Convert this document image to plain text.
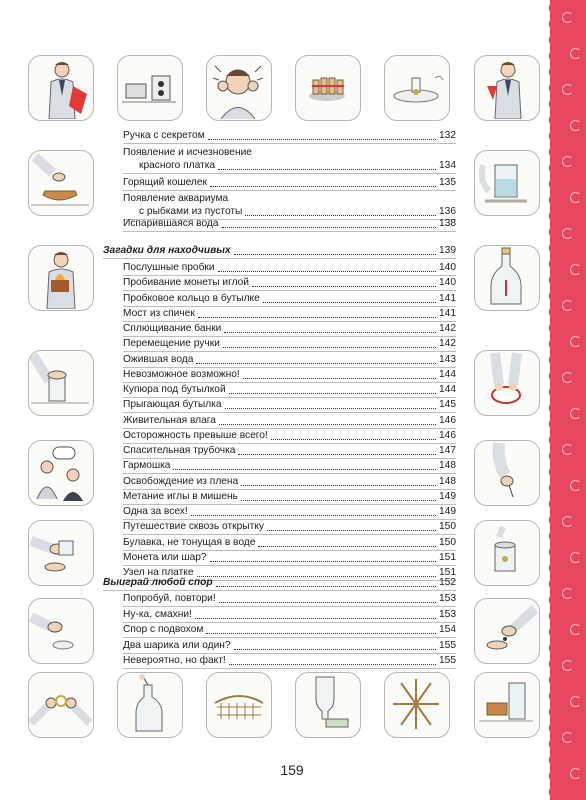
Ручка с секретом	132
Появление и исчезновение
красного платка	134
Горящий кошелек	135
Появление аквариума
с рыбками из пустоты	136
Испарившаяся вода	138
Загадки для находчивых	139
Послушные пробки	140
Пробивание монеты иглой	140
Пробковое кольцо в бутылке	141
Мост из спичек	141
Сплющивание банки	142
Перемещение ручки	142
Ожившая вода	143
Невозможное возможно!	144
Купюра под бутылкой	144
Прыгающая бутылка	145
Живительная влага	146
Осторожность превыше всего!	146
Спасительная трубочка	147
Гармошка	148
Освобождение из плена	148
Метание иглы в мишень	149
Одна за всех!	149
Путешествие сквозь открытку	150
Булавка, не тонущая в воде	150
Монета или шар?	151
Узел на платке	151
Выиграй любой спор	152
Попробуй, повтори!	153
Ну-ка, смахни!	153
Спор с подвохом	154
Два шарика или один?	155
Невероятно, но факт!	155
159
